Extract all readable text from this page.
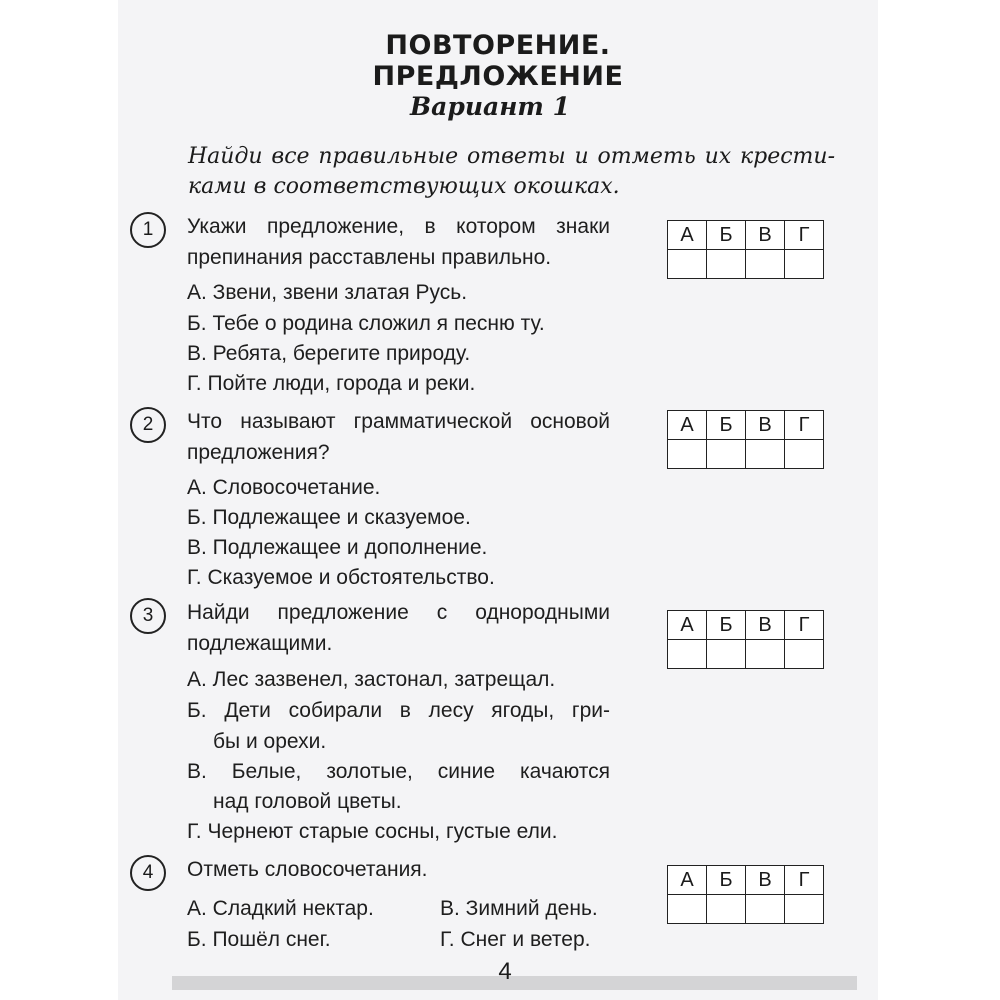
ПОВТОРЕНИЕ. ПРЕДЛОЖЕНИЕ
Вариант 1
Найди все правильные ответы и отметь их крести-
ками в соответствующих окошках.
1	Укажи предложение, в котором знаки
препинания расставлены правильно.
А. Звени, звени златая Русь.
Б. Тебе о родина сложил я песню ту.
В. Ребята, берегите природу.
Г. Пойте люди, города и реки.
А	Б	В	Г

2	Что называют грамматической основой
предложения?
А. Словосочетание.
Б. Подлежащее и сказуемое.
В. Подлежащее и дополнение.
Г. Сказуемое и обстоятельство.
А	Б	В	Г

3	Найди предложение с однородными
подлежащими.
А. Лес зазвенел, застонал, затрещал.
Б. Дети собирали в лесу ягоды, гри-
бы и орехи.
В. Белые, золотые, синие качаются
над головой цветы.
Г. Чернеют старые сосны, густые ели.
А	Б	В	Г

4	Отметь словосочетания.
А. Сладкий нектар.	В. Зимний день.
Б. Пошёл снег.	Г. Снег и ветер.
А	Б	В	Г

4
